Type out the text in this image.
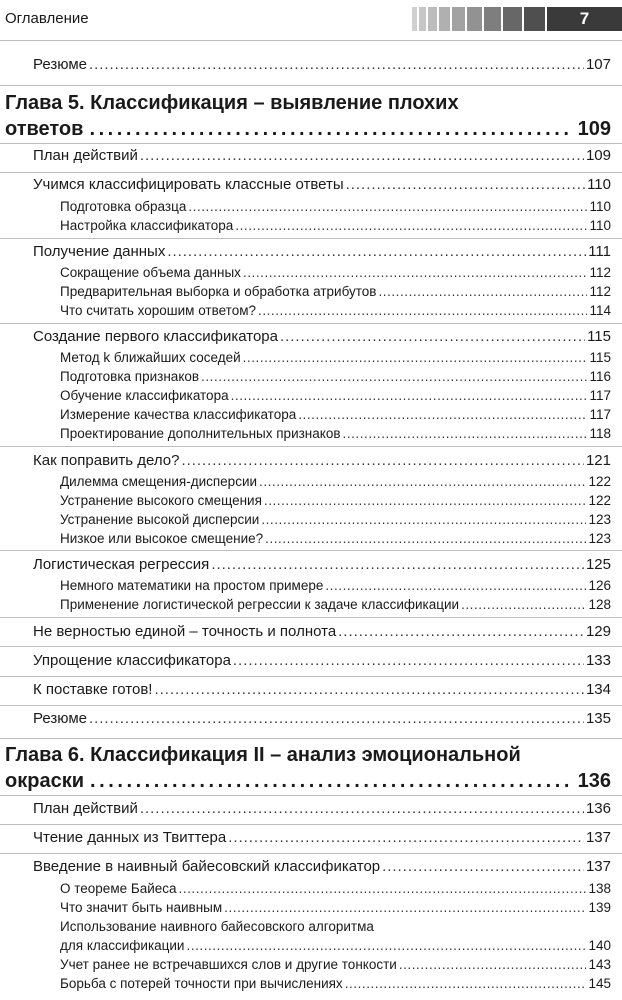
Оглавление	7
Резюме . . .	107
Глава 5. Классификация – выявление плохих
ответов . . .	109
План действий . . .	109
Учимся классифицировать классные ответы . . .	110
Подготовка образца . . .	110
Настройка классификатора . . .	110
Получение данных . . .	111
Сокращение объема данных . . .	112
Предварительная выборка и обработка атрибутов . . .	112
Что считать хорошим ответом? . . .	114
Создание первого классификатора . . .	115
Метод k ближайших соседей . . .	115
Подготовка признаков . . .	116
Обучение классификатора . . .	117
Измерение качества классификатора . . .	117
Проектирование дополнительных признаков . . .	118
Как поправить дело? . . .	121
Дилемма смещения-дисперсии . . .	122
Устранение высокого смещения . . .	122
Устранение высокой дисперсии . . .	123
Низкое или высокое смещение? . . .	123
Логистическая регрессия . . .	125
Немного математики на простом примере . . .	126
Применение логистической регрессии к задаче классификации . . .	128
Не верностью единой – точность и полнота . . .	129
Упрощение классификатора . . .	133
К поставке готов! . . .	134
Резюме . . .	135
Глава 6. Классификация II – анализ эмоциональной
окраски . . .	136
План действий . . .	136
Чтение данных из Твиттера . . .	137
Введение в наивный байесовский классификатор . . .	137
О теореме Байеса . . .	138
Что значит быть наивным . . .	139
Использование наивного байесовского алгоритма
для классификации . . .	140
Учет ранее не встречавшихся слов и другие тонкости . . .	143
Борьба с потерей точности при вычислениях . . .	145
